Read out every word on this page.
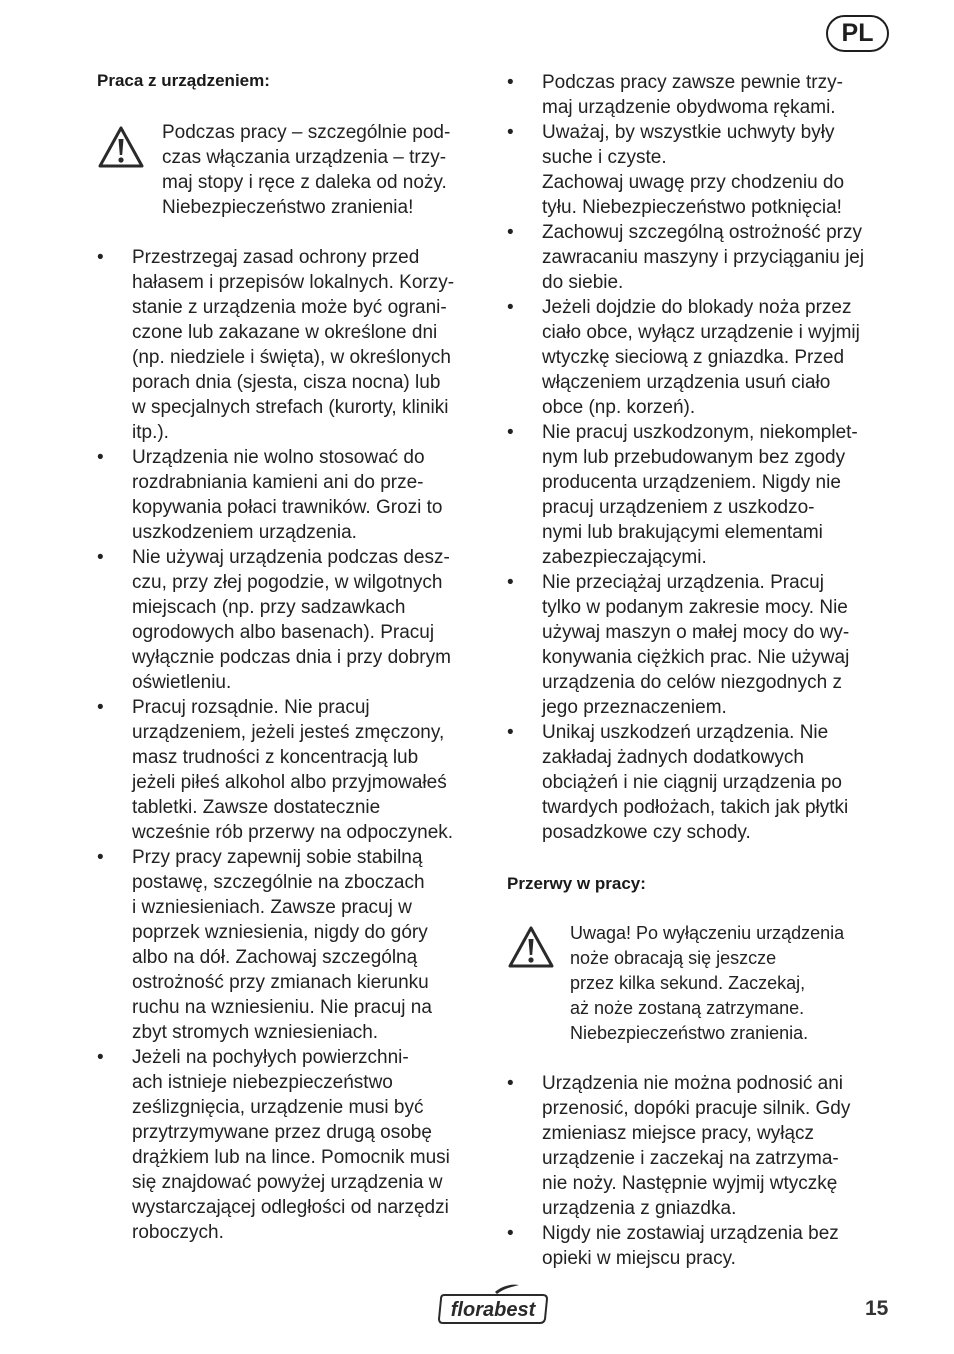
PL
Praca z urządzeniem:
Podczas pracy – szczególnie pod-
czas włączania urządzenia – trzy-
maj stopy i ręce z daleka od noży.
Niebezpieczeństwo zranienia!
• Przestrzegaj zasad ochrony przed
hałasem i przepisów lokalnych. Korzy-
stanie z urządzenia może być ograni-
czone lub zakazane w określone dni
(np. niedziele i święta), w określonych
porach dnia (sjesta, cisza nocna) lub
w specjalnych strefach (kurorty, kliniki
itp.).
• Urządzenia nie wolno stosować do
rozdrabniania kamieni ani do prze-
kopywania połaci trawników. Grozi to
uszkodzeniem urządzenia.
• Nie używaj urządzenia podczas desz-
czu, przy złej pogodzie, w wilgotnych
miejscach (np. przy sadzawkach
ogrodowych albo basenach). Pracuj
wyłącznie podczas dnia i przy dobrym
oświetleniu.
• Pracuj rozsądnie. Nie pracuj
urządzeniem, jeżeli jesteś zmęczony,
masz trudności z koncentracją lub
jeżeli piłeś alkohol albo przyjmowałeś
tabletki. Zawsze dostatecznie
wcześnie rób przerwy na odpoczynek.
• Przy pracy zapewnij sobie stabilną
postawę, szczególnie na zboczach
i wzniesieniach. Zawsze pracuj w
poprzek wzniesienia, nigdy do góry
albo na dół. Zachowaj szczególną
ostrożność przy zmianach kierunku
ruchu na wzniesieniu. Nie pracuj na
zbyt stromych wzniesieniach.
• Jeżeli na pochyłych powierzchni-
ach istnieje niebezpieczeństwo
ześlizgnięcia, urządzenie musi być
przytrzymywane przez drugą osobę
drążkiem lub na lince. Pomocnik musi
się znajdować powyżej urządzenia w
wystarczającej odległości od narzędzi
roboczych.
• Podczas pracy zawsze pewnie trzy-
maj urządzenie obydwoma rękami.
• Uważaj, by wszystkie uchwyty były
suche i czyste.
Zachowaj uwagę przy chodzeniu do
tyłu. Niebezpieczeństwo potknięcia!
• Zachowuj szczególną ostrożność przy
zawracaniu maszyny i przyciąganiu jej
do siebie.
• Jeżeli dojdzie do blokady noża przez
ciało obce, wyłącz urządzenie i wyjmij
wtyczkę sieciową z gniazdka. Przed
włączeniem urządzenia usuń ciało
obce (np. korzeń).
• Nie pracuj uszkodzonym, niekomplet-
nym lub przebudowanym bez zgody
producenta urządzeniem. Nigdy nie
pracuj urządzeniem z uszkodzo-
nymi lub brakującymi elementami
zabezpieczającymi.
• Nie przeciążaj urządzenia. Pracuj
tylko w podanym zakresie mocy. Nie
używaj maszyn o małej mocy do wy-
konywania ciężkich prac. Nie używaj
urządzenia do celów niezgodnych z
jego przeznaczeniem.
• Unikaj uszkodzeń urządzenia. Nie
zakładaj żadnych dodatkowych
obciążeń i nie ciągnij urządzenia po
twardych podłożach, takich jak płytki
posadzkowe czy schody.
Przerwy w pracy:
Uwaga! Po wyłączeniu urządzenia
noże obracają się jeszcze
przez kilka sekund. Zaczekaj,
aż noże zostaną zatrzymane.
Niebezpieczeństwo zranienia.
• Urządzenia nie można podnosić ani
przenosić, dopóki pracuje silnik. Gdy
zmieniasz miejsce pracy, wyłącz
urządzenie i zaczekaj na zatrzyma-
nie noży. Następnie wyjmij wtyczkę
urządzenia z gniazdka.
• Nigdy nie zostawiaj urządzenia bez
opieki w miejscu pracy.
florabest	15
